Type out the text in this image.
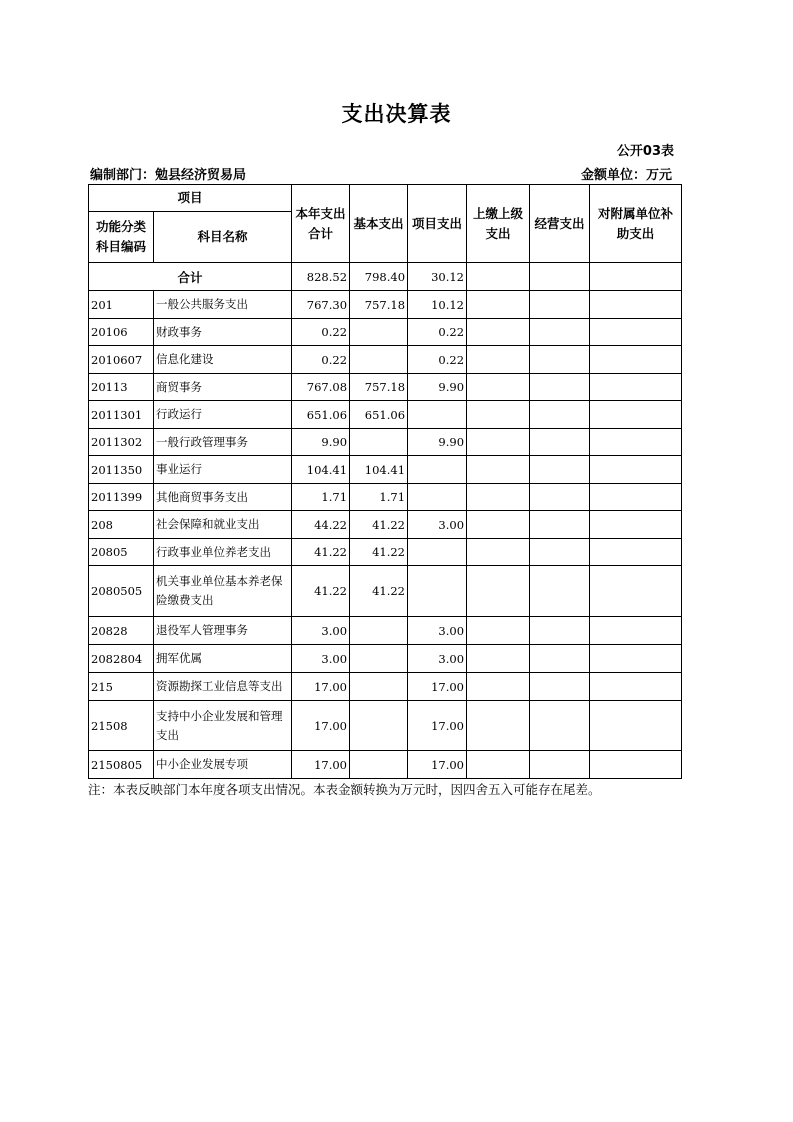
支出决算表
公开03表
编制部门：勉县经济贸易局	金额单位：万元
项目		本年支出合计	基本支出	项目支出	上缴上级支出	经营支出	对附属单位补助支出
功能分类科目编码	科目名称						
合计		828.52	798.40	30.12			
201	一般公共服务支出	767.30	757.18	10.12			
20106	财政事务	0.22		0.22			
2010607	信息化建设	0.22		0.22			
20113	商贸事务	767.08	757.18	9.90			
2011301	行政运行	651.06	651.06				
2011302	一般行政管理事务	9.90		9.90			
2011350	事业运行	104.41	104.41				
2011399	其他商贸事务支出	1.71	1.71				
208	社会保障和就业支出	44.22	41.22	3.00			
20805	行政事业单位养老支出	41.22	41.22				
2080505	机关事业单位基本养老保险缴费支出	41.22	41.22				
20828	退役军人管理事务	3.00		3.00			
2082804	拥军优属	3.00		3.00			
215	资源勘探工业信息等支出	17.00		17.00			
21508	支持中小企业发展和管理支出	17.00		17.00			
2150805	中小企业发展专项	17.00		17.00			
注：本表反映部门本年度各项支出情况。本表金额转换为万元时，因四舍五入可能存在尾差。
